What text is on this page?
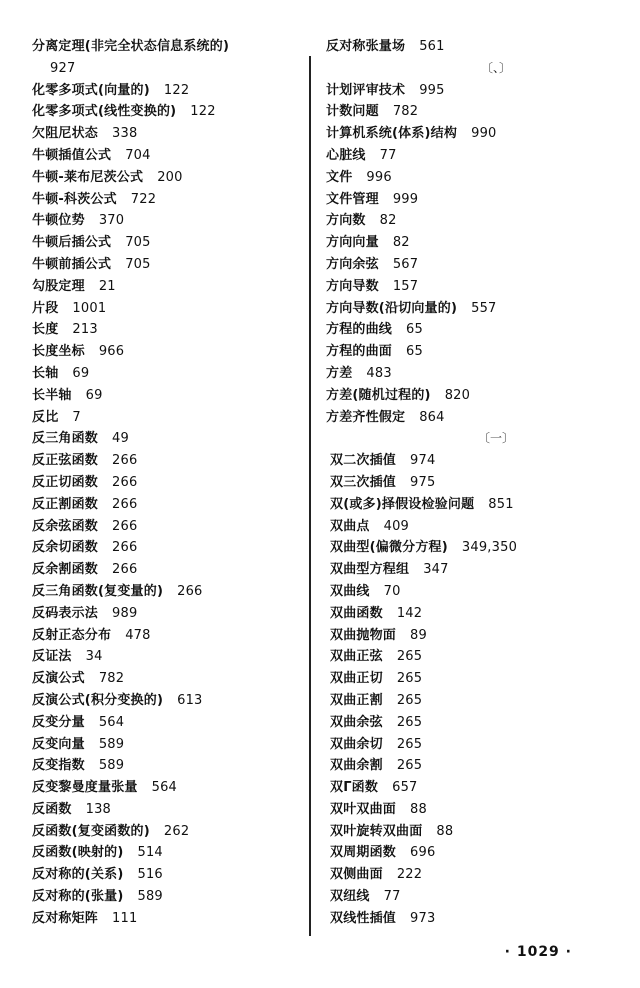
分离定理(非完全状态信息系统的)
927
化零多项式(向量的) 122
化零多项式(线性变换的) 122
欠阻尼状态 338
牛顿插值公式 704
牛顿-莱布尼茨公式 200
牛顿-科茨公式 722
牛顿位势 370
牛顿后插公式 705
牛顿前插公式 705
勾股定理 21
片段 1001
长度 213
长度坐标 966
长轴 69
长半轴 69
反比 7
反三角函数 49
反正弦函数 266
反正切函数 266
反正割函数 266
反余弦函数 266
反余切函数 266
反余割函数 266
反三角函数(复变量的) 266
反码表示法 989
反射正态分布 478
反证法 34
反演公式 782
反演公式(积分变换的) 613
反变分量 564
反变向量 589
反变指数 589
反变黎曼度量张量 564
反函数 138
反函数(复变函数的) 262
反函数(映射的) 514
反对称的(关系) 516
反对称的(张量) 589
反对称矩阵 111
反对称张量场 561
〔、〕
计划评审技术 995
计数问题 782
计算机系统(体系)结构 990
心脏线 77
文件 996
文件管理 999
方向数 82
方向向量 82
方向余弦 567
方向导数 157
方向导数(沿切向量的) 557
方程的曲线 65
方程的曲面 65
方差 483
方差(随机过程的) 820
方差齐性假定 864
〔一〕
双二次插值 974
双三次插值 975
双(或多)择假设检验问题 851
双曲点 409
双曲型(偏微分方程) 349,350
双曲型方程组 347
双曲线 70
双曲函数 142
双曲抛物面 89
双曲正弦 265
双曲正切 265
双曲正割 265
双曲余弦 265
双曲余切 265
双曲余割 265
双Γ函数 657
双叶双曲面 88
双叶旋转双曲面 88
双周期函数 696
双侧曲面 222
双纽线 77
双线性插值 973
· 1029 ·
